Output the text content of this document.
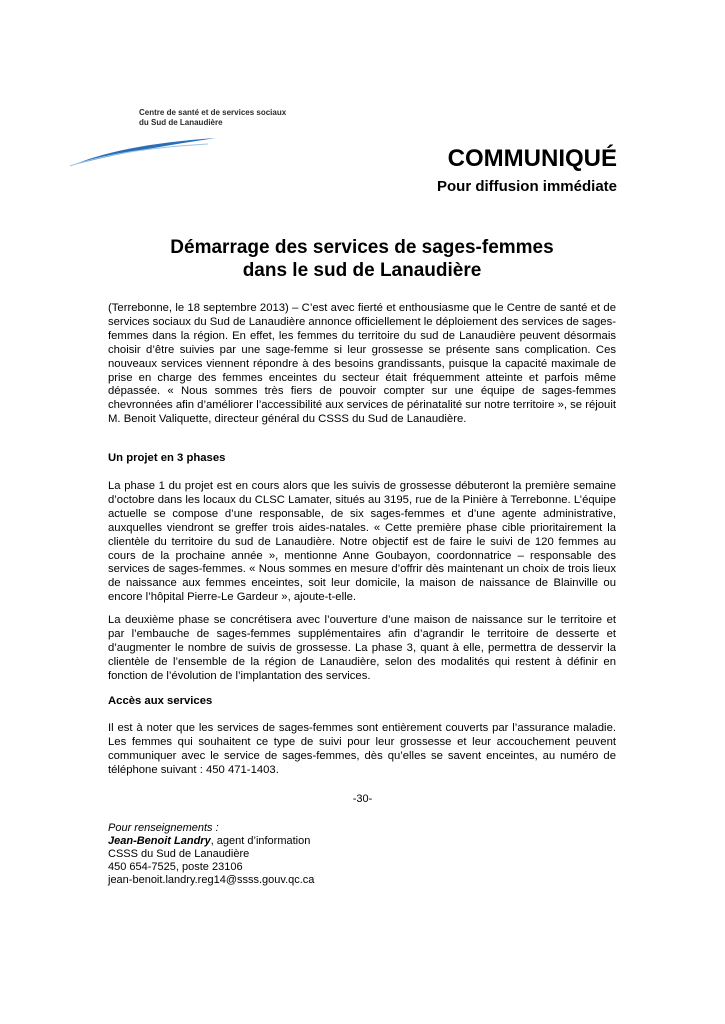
Centre de santé et de services sociaux
du Sud de Lanaudière
COMMUNIQUÉ
Pour diffusion immédiate
Démarrage des services de sages-femmes
dans le sud de Lanaudière
(Terrebonne, le 18 septembre 2013) – C’est avec fierté et enthousiasme que le Centre de santé et de services sociaux du Sud de Lanaudière annonce officiellement le déploiement des services de sages-femmes dans la région. En effet, les femmes du territoire du sud de Lanaudière peuvent désormais choisir d’être suivies par une sage-femme si leur grossesse se présente sans complication. Ces nouveaux services viennent répondre à des besoins grandissants, puisque la capacité maximale de prise en charge des femmes enceintes du secteur était fréquemment atteinte et parfois même dépassée. « Nous sommes très fiers de pouvoir compter sur une équipe de sages-femmes chevronnées afin d’améliorer l’accessibilité aux services de périnatalité sur notre territoire », se réjouit M. Benoit Valiquette, directeur général du CSSS du Sud de Lanaudière.
Un projet en 3 phases
La phase 1 du projet est en cours alors que les suivis de grossesse débuteront la première semaine d’octobre dans les locaux du CLSC Lamater, situés au 3195, rue de la Pinière à Terrebonne. L’équipe actuelle se compose d’une responsable, de six sages-femmes et d’une agente administrative, auxquelles viendront se greffer trois aides-natales. « Cette première phase cible prioritairement la clientèle du territoire du sud de Lanaudière. Notre objectif est de faire le suivi de 120 femmes au cours de la prochaine année », mentionne Anne Goubayon, coordonnatrice – responsable des services de sages-femmes. « Nous sommes en mesure d’offrir dès maintenant un choix de trois lieux de naissance aux femmes enceintes, soit leur domicile, la maison de naissance de Blainville ou encore l’hôpital Pierre-Le Gardeur », ajoute-t-elle.
La deuxième phase se concrétisera avec l’ouverture d’une maison de naissance sur le territoire et par l’embauche de sages-femmes supplémentaires afin d’agrandir le territoire de desserte et d’augmenter le nombre de suivis de grossesse. La phase 3, quant à elle, permettra de desservir la clientèle de l’ensemble de la région de Lanaudière, selon des modalités qui restent à définir en fonction de l’évolution de l’implantation des services.
Accès aux services
Il est à noter que les services de sages-femmes sont entièrement couverts par l’assurance maladie. Les femmes qui souhaitent ce type de suivi pour leur grossesse et leur accouchement peuvent communiquer avec le service de sages-femmes, dès qu’elles se savent enceintes, au numéro de téléphone suivant : 450 471-1403.
-30-
Pour renseignements :
Jean-Benoit Landry, agent d’information
CSSS du Sud de Lanaudière
450 654-7525, poste 23106
jean-benoit.landry.reg14@ssss.gouv.qc.ca
